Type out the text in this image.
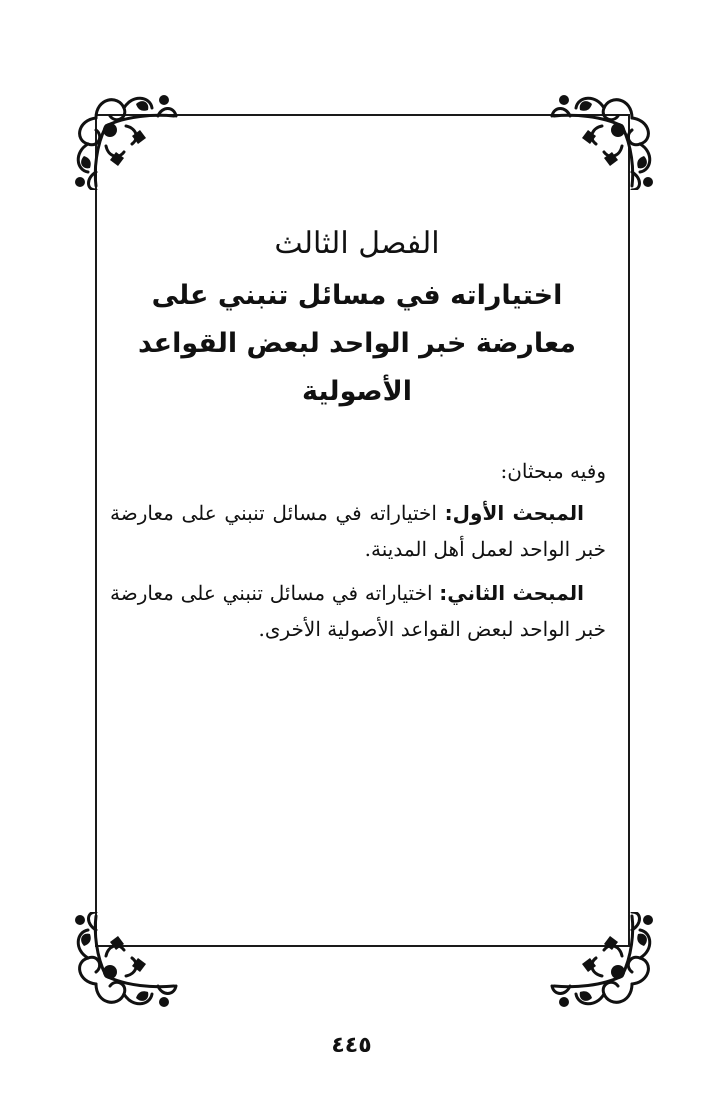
الفصل الثالث
اختياراته في مسائل تنبني على معارضة خبر الواحد لبعض القواعد الأصولية

وفيه مبحثان:

المبحث الأول: اختياراته في مسائل تنبني على معارضة خبر الواحد لعمل أهل المدينة.

المبحث الثاني: اختياراته في مسائل تنبني على معارضة خبر الواحد لبعض القواعد الأصولية الأخرى.

٤٤٥
